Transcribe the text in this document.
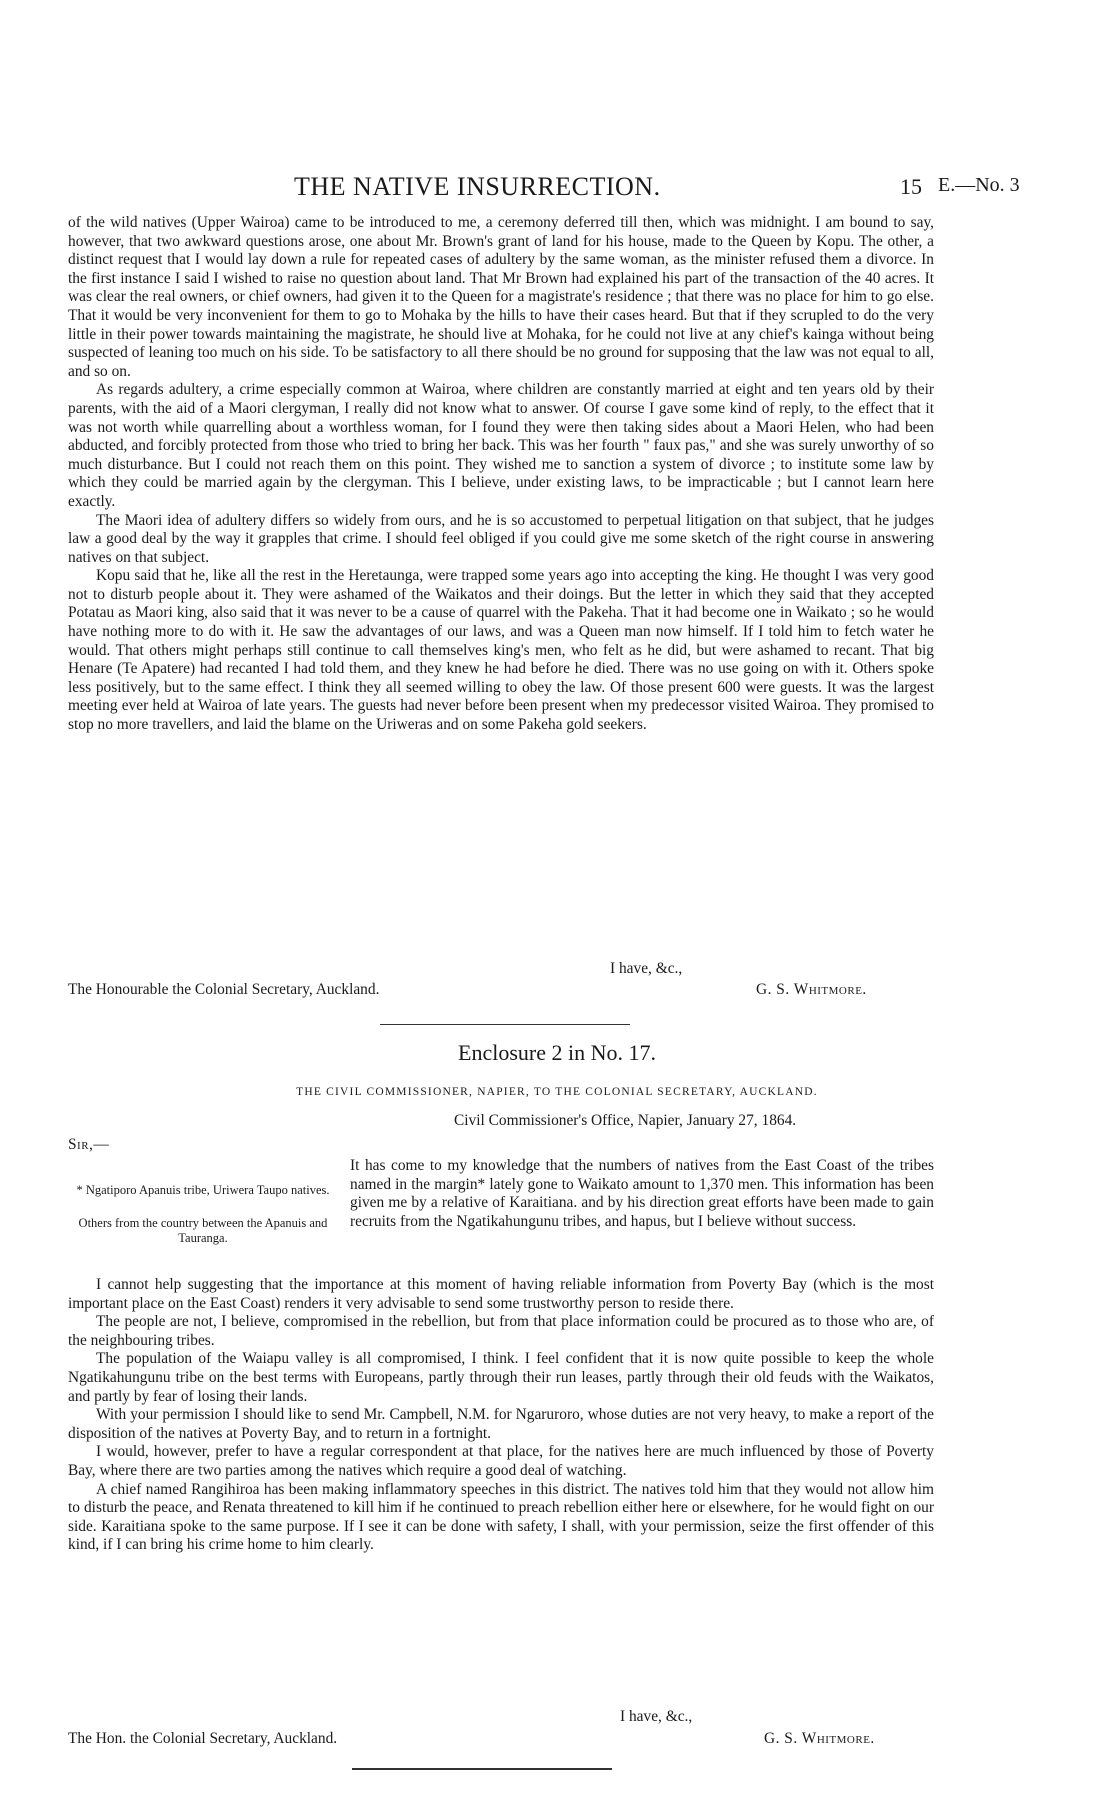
THE NATIVE INSURRECTION.	15 E.—No. 3

of the wild natives (Upper Wairoa) came to be introduced to me, a ceremony deferred till then, which was midnight. I am bound to say, however, that two awkward questions arose, one about Mr. Brown's grant of land for his house, made to the Queen by Kopu. The other, a distinct request that I would lay down a rule for repeated cases of adultery by the same woman, as the minister refused them a divorce. In the first instance I said I wished to raise no question about land. That Mr Brown had explained his part of the transaction of the 40 acres. It was clear the real owners, or chief owners, had given it to the Queen for a magistrate's residence ; that there was no place for him to go else. That it would be very inconvenient for them to go to Mohaka by the hills to have their cases heard. But that if they scrupled to do the very little in their power towards maintaining the magistrate, he should live at Mohaka, for he could not live at any chief's kainga without being suspected of leaning too much on his side. To be satisfactory to all there should be no ground for supposing that the law was not equal to all, and so on.

As regards adultery, a crime especially common at Wairoa, where children are constantly married at eight and ten years old by their parents, with the aid of a Maori clergyman, I really did not know what to answer. Of course I gave some kind of reply, to the effect that it was not worth while quarrelling about a worthless woman, for I found they were then taking sides about a Maori Helen, who had been abducted, and forcibly protected from those who tried to bring her back. This was her fourth " faux pas," and she was surely unworthy of so much disturbance. But I could not reach them on this point. They wished me to sanction a system of divorce ; to institute some law by which they could be married again by the clergyman. This I believe, under existing laws, to be impracticable ; but I cannot learn here exactly.

The Maori idea of adultery differs so widely from ours, and he is so accustomed to perpetual litigation on that subject, that he judges law a good deal by the way it grapples that crime. I should feel obliged if you could give me some sketch of the right course in answering natives on that subject.

Kopu said that he, like all the rest in the Heretaunga, were trapped some years ago into accepting the king. He thought I was very good not to disturb people about it. They were ashamed of the Waikatos and their doings. But the letter in which they said that they accepted Potatau as Maori king, also said that it was never to be a cause of quarrel with the Pakeha. That it had become one in Waikato ; so he would have nothing more to do with it. He saw the advantages of our laws, and was a Queen man now himself. If I told him to fetch water he would. That others might perhaps still continue to call themselves king's men, who felt as he did, but were ashamed to recant. That big Henare (Te Apatere) had recanted I had told them, and they knew he had before he died. There was no use going on with it. Others spoke less positively, but to the same effect. I think they all seemed willing to obey the law. Of those present 600 were guests. It was the largest meeting ever held at Wairoa of late years. The guests had never before been present when my predecessor visited Wairoa. They promised to stop no more travellers, and laid the blame on the Uriweras and on some Pakeha gold seekers.

I have, &c.,
The Honourable the Colonial Secretary, Auckland.	G. S. Whitmore.
Enclosure 2 in No. 17.
THE CIVIL COMMISSIONER, NAPIER, TO THE COLONIAL SECRETARY, AUCKLAND.
Civil Commissioner's Office, Napier, January 27, 1864.
Sir,—
* Ngatiporo Apanuis tribe, Uriwera Taupo natives.
Others from the country between the Apanuis and Tauranga.

It has come to my knowledge that the numbers of natives from the East Coast of the tribes named in the margin* lately gone to Waikato amount to 1,370 men. This information has been given me by a relative of Karaitiana. and by his direction great efforts have been made to gain recruits from the Ngatikahungunu tribes, and hapus, but I believe without success.

I cannot help suggesting that the importance at this moment of having reliable information from Poverty Bay (which is the most important place on the East Coast) renders it very advisable to send some trustworthy person to reside there.

The people are not, I believe, compromised in the rebellion, but from that place information could be procured as to those who are, of the neighbouring tribes.

The population of the Waiapu valley is all compromised, I think. I feel confident that it is now quite possible to keep the whole Ngatikahungunu tribe on the best terms with Europeans, partly through their run leases, partly through their old feuds with the Waikatos, and partly by fear of losing their lands.

With your permission I should like to send Mr. Campbell, N.M. for Ngaruroro, whose duties are not very heavy, to make a report of the disposition of the natives at Poverty Bay, and to return in a fortnight.

I would, however, prefer to have a regular correspondent at that place, for the natives here are much influenced by those of Poverty Bay, where there are two parties among the natives which require a good deal of watching.

A chief named Rangihiroa has been making inflammatory speeches in this district. The natives told him that they would not allow him to disturb the peace, and Renata threatened to kill him if he continued to preach rebellion either here or elsewhere, for he would fight on our side. Karaitiana spoke to the same purpose. If I see it can be done with safety, I shall, with your permission, seize the first offender of this kind, if I can bring his crime home to him clearly.

I have, &c.,
The Hon. the Colonial Secretary, Auckland.	G. S. Whitmore.
